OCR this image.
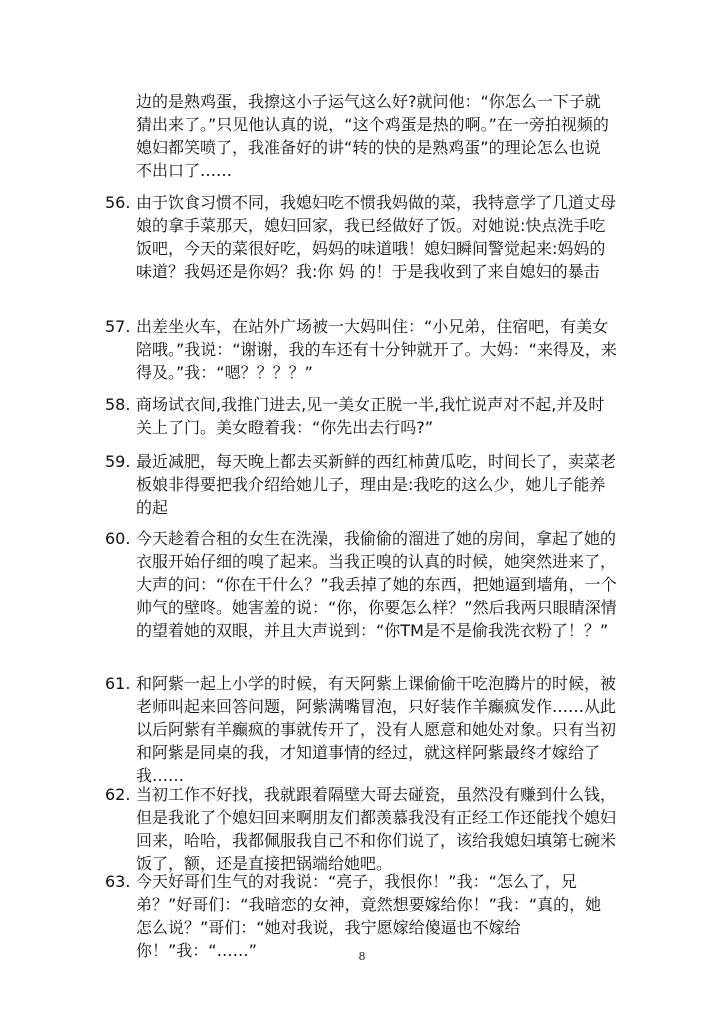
边的是熟鸡蛋，我擦这小子运气这么好?就问他：“你怎么一下子就猜出来了。”只见他认真的说，“这个鸡蛋是热的啊。”在一旁拍视频的媳妇都笑喷了，我准备好的讲“转的快的是熟鸡蛋”的理论怎么也说不出口了……
56. 由于饮食习惯不同，我媳妇吃不惯我妈做的菜，我特意学了几道丈母娘的拿手菜那天，媳妇回家，我已经做好了饭。对她说:快点洗手吃饭吧，今天的菜很好吃，妈妈的味道哦！媳妇瞬间警觉起来:妈妈的味道？我妈还是你妈？我:你 妈 的！于是我收到了来自媳妇的暴击
57. 出差坐火车，在站外广场被一大妈叫住：“小兄弟，住宿吧，有美女陪哦。”我说：“谢谢，我的车还有十分钟就开了。大妈：“来得及，来得及。”我：“嗯？？？？”
58. 商场试衣间,我推门进去,见一美女正脱一半,我忙说声对不起,并及时关上了门。美女瞪着我：“你先出去行吗?”
59. 最近减肥，每天晚上都去买新鲜的西红柿黄瓜吃，时间长了，卖菜老板娘非得要把我介绍给她儿子，理由是:我吃的这么少，她儿子能养的起
60. 今天趁着合租的女生在洗澡，我偷偷的溜进了她的房间，拿起了她的衣服开始仔细的嗅了起来。当我正嗅的认真的时候，她突然进来了，大声的问：“你在干什么？”我丢掉了她的东西，把她逼到墙角，一个帅气的壁咚。她害羞的说：“你，你要怎么样？”然后我两只眼睛深情的望着她的双眼，并且大声说到：“你TM是不是偷我洗衣粉了！？”
61. 和阿紫一起上小学的时候，有天阿紫上课偷偷干吃泡腾片的时候，被老师叫起来回答问题，阿紫满嘴冒泡，只好装作羊癫疯发作……从此以后阿紫有羊癫疯的事就传开了，没有人愿意和她处对象。只有当初和阿紫是同桌的我，才知道事情的经过，就这样阿紫最终才嫁给了我……
62. 当初工作不好找，我就跟着隔壁大哥去碰瓷，虽然没有赚到什么钱，但是我讹了个媳妇回来啊朋友们都羡慕我没有正经工作还能找个媳妇回来，哈哈，我都佩服我自己不和你们说了，该给我媳妇填第七碗米饭了，额，还是直接把锅端给她吧。
63. 今天好哥们生气的对我说：“亮子，我恨你！”我：“怎么了，兄弟？”好哥们：“我暗恋的女神，竟然想要嫁给你！”我：“真的，她怎么说？”哥们：“她对我说，我宁愿嫁给傻逼也不嫁给你！”我：“……”	8
